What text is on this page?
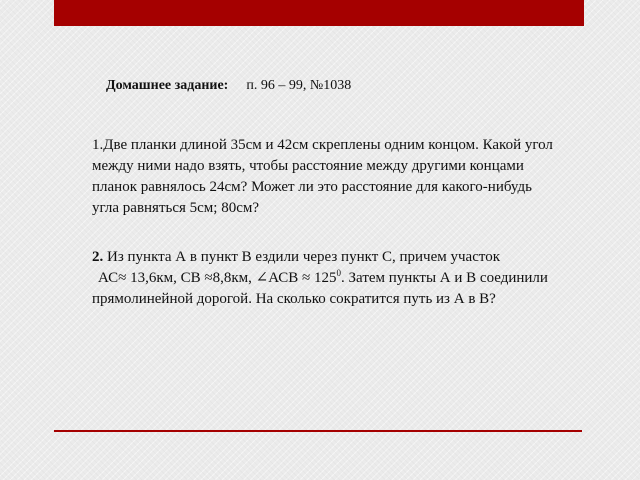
Домашнее задание: п. 96 – 99, №1038

1.Две планки длиной 35см и 42см скреплены одним концом. Какой угол

между ними надо взять, чтобы расстояние между другими концами

планок равнялось 24см? Может ли это расстояние для какого-нибудь

угла равняться 5см; 80см?

2. Из пункта А в пункт В ездили через пункт С, причем участок

АС≈ 13,6км, СВ ≈8,8км, ∠АСВ ≈ $125^0$. Затем пункты А и В соединили

прямолинейной дорогой. На сколько сократится путь из А в В?
